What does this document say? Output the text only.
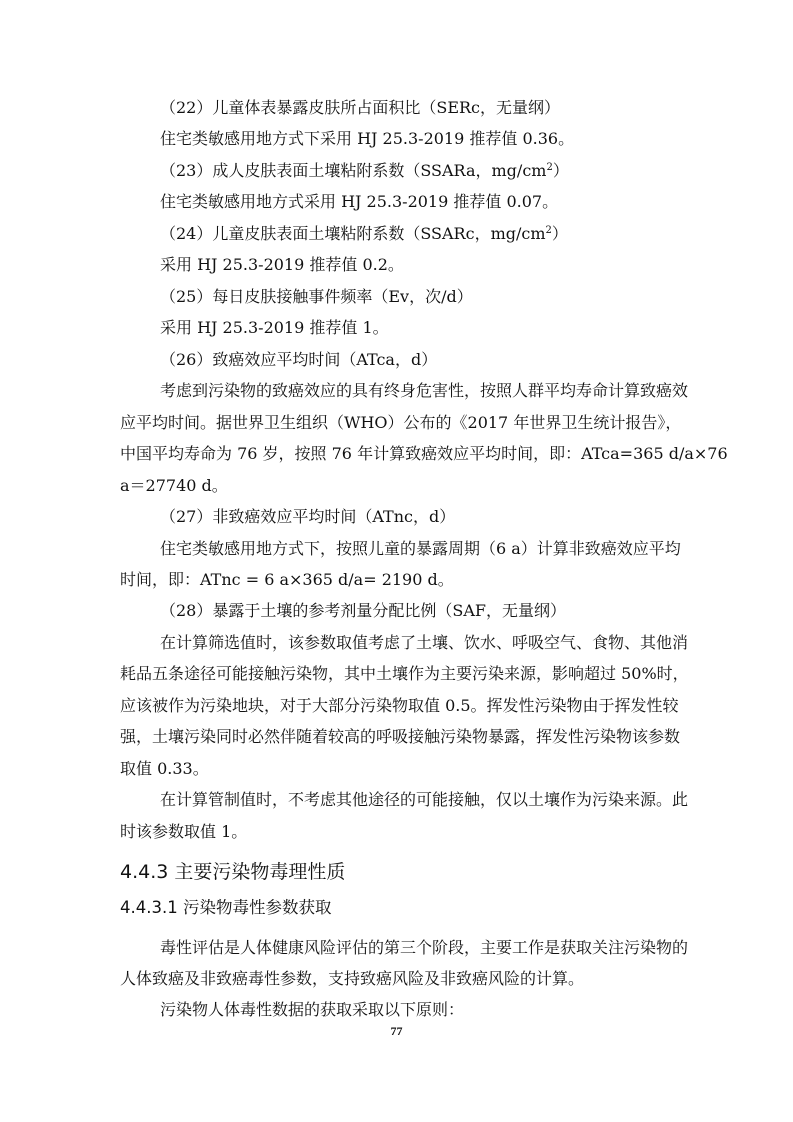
（22）儿童体表暴露皮肤所占面积比（SERc，无量纲）
住宅类敏感用地方式下采用 HJ 25.3-2019 推荐值 0.36。
（23）成人皮肤表面土壤粘附系数（SSARa，$mg/cm^2$）
住宅类敏感用地方式采用 HJ 25.3-2019 推荐值 0.07。
（24）儿童皮肤表面土壤粘附系数（SSARc，$mg/cm^2$）
采用 HJ 25.3-2019 推荐值 0.2。
（25）每日皮肤接触事件频率（Ev，次/d）
采用 HJ 25.3-2019 推荐值 1。
（26）致癌效应平均时间（ATca，d）
考虑到污染物的致癌效应的具有终身危害性，按照人群平均寿命计算致癌效
应平均时间。据世界卫生组织（WHO）公布的《2017 年世界卫生统计报告》，
中国平均寿命为 76 岁，按照 76 年计算致癌效应平均时间，即：ATca=365 d/a×76
a＝27740 d。
（27）非致癌效应平均时间（ATnc，d）
住宅类敏感用地方式下，按照儿童的暴露周期（6 a）计算非致癌效应平均
时间，即：ATnc = 6 a×365 d/a= 2190 d。
（28）暴露于土壤的参考剂量分配比例（SAF，无量纲）
在计算筛选值时，该参数取值考虑了土壤、饮水、呼吸空气、食物、其他消
耗品五条途径可能接触污染物，其中土壤作为主要污染来源，影响超过 50%时，
应该被作为污染地块，对于大部分污染物取值 0.5。挥发性污染物由于挥发性较
强，土壤污染同时必然伴随着较高的呼吸接触污染物暴露，挥发性污染物该参数
取值 0.33。
在计算管制值时，不考虑其他途径的可能接触，仅以土壤作为污染来源。此
时该参数取值 1。
4.4.3 主要污染物毒理性质
4.4.3.1 污染物毒性参数获取
毒性评估是人体健康风险评估的第三个阶段，主要工作是获取关注污染物的
人体致癌及非致癌毒性参数，支持致癌风险及非致癌风险的计算。
污染物人体毒性数据的获取采取以下原则：
77
